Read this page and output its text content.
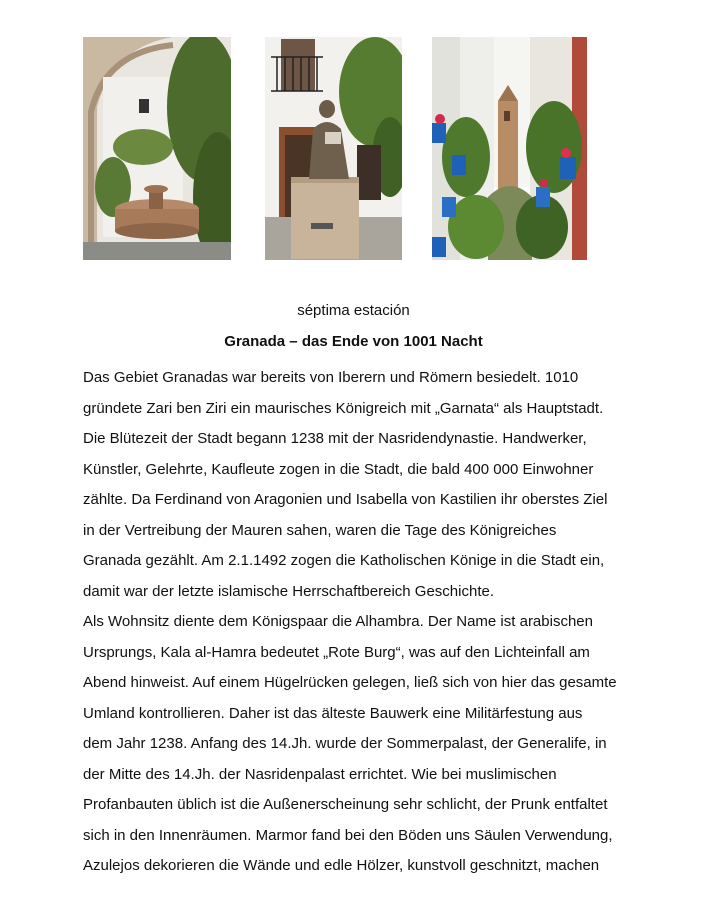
séptima estación
Granada – das Ende von 1001 Nacht
Das Gebiet Granadas war bereits von Iberern und Römern besiedelt. 1010
gründete Zari ben Ziri ein maurisches Königreich mit „Garnata“ als Hauptstadt.
Die Blütezeit der Stadt begann 1238 mit der Nasridendynastie. Handwerker,
Künstler, Gelehrte, Kaufleute zogen in die Stadt, die bald 400 000 Einwohner
zählte. Da Ferdinand von Aragonien und Isabella von Kastilien ihr oberstes Ziel
in der Vertreibung der Mauren sahen, waren die Tage des Königreiches
Granada gezählt. Am 2.1.1492 zogen die Katholischen Könige in die Stadt ein,
damit war der letzte islamische Herrschaftbereich Geschichte.
Als Wohnsitz diente dem Königspaar die Alhambra. Der Name ist arabischen
Ursprungs, Kala al-Hamra bedeutet „Rote Burg“, was auf den Lichteinfall am
Abend hinweist. Auf einem Hügelrücken gelegen, ließ sich von hier das gesamte
Umland kontrollieren. Daher ist das älteste Bauwerk eine Militärfestung aus
dem Jahr 1238. Anfang des 14.Jh. wurde der Sommerpalast, der Generalife, in
der Mitte des 14.Jh. der Nasridenpalast errichtet. Wie bei muslimischen
Profanbauten üblich ist die Außenerscheinung sehr schlicht, der Prunk entfaltet
sich in den Innenräumen. Marmor fand bei den Böden uns Säulen Verwendung,
Azulejos dekorieren die Wände und edle Hölzer, kunstvoll geschnitzt, machen
